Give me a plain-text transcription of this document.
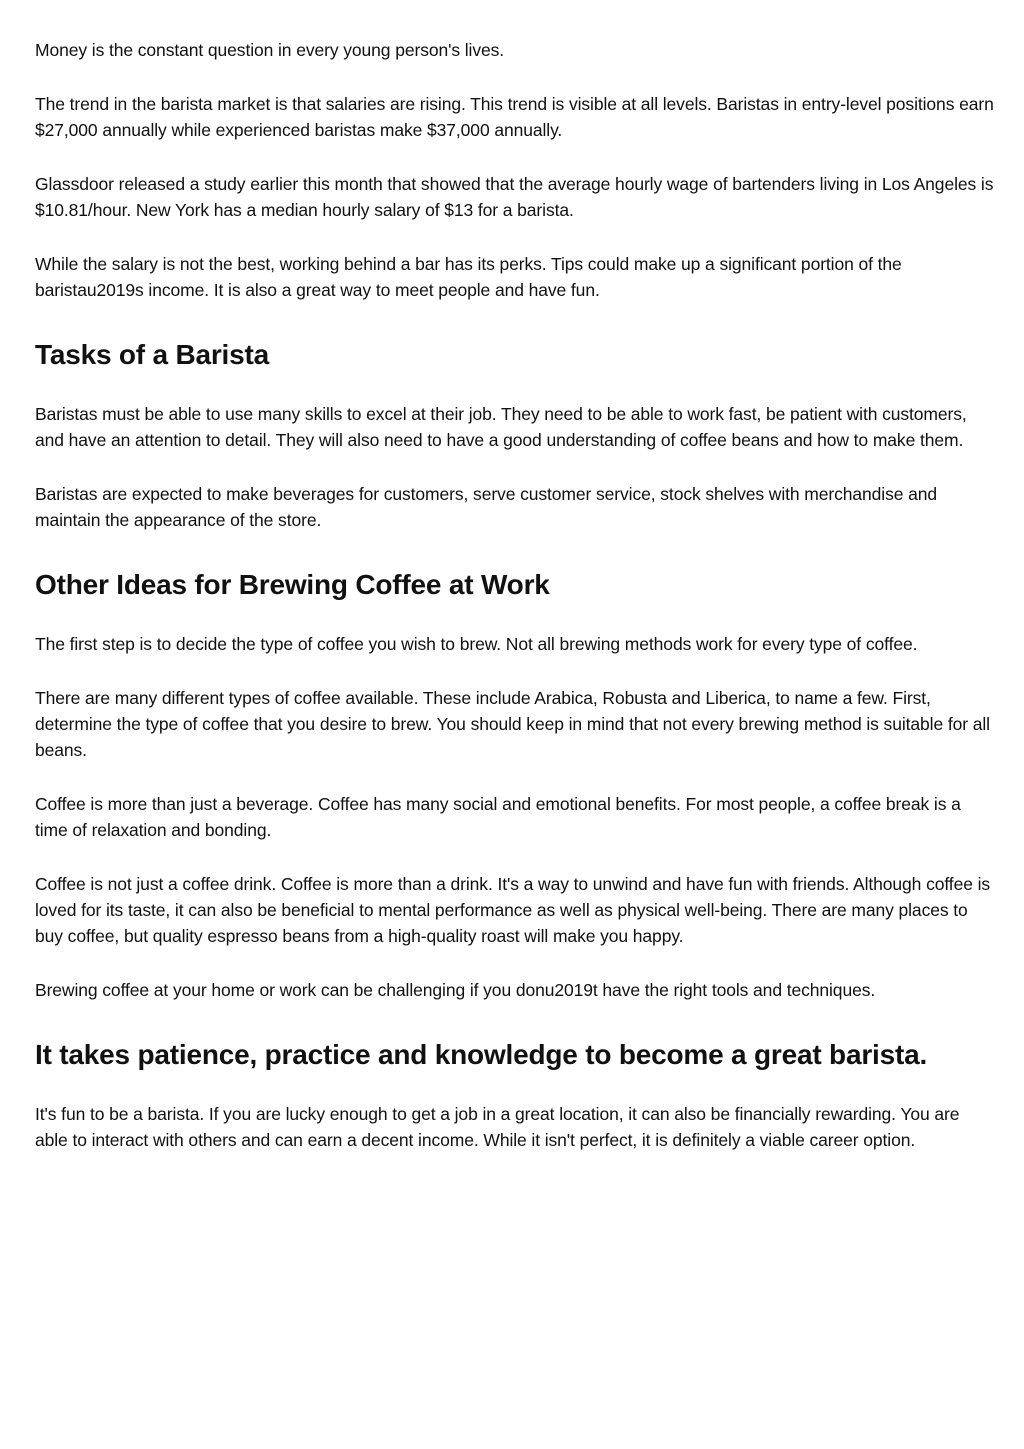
Money is the constant question in every young person's lives.

The trend in the barista market is that salaries are rising. This trend is visible at all levels. Baristas in entry-level positions earn $27,000 annually while experienced baristas make $37,000 annually.

Glassdoor released a study earlier this month that showed that the average hourly wage of bartenders living in Los Angeles is $10.81/hour. New York has a median hourly salary of $13 for a barista.

While the salary is not the best, working behind a bar has its perks. Tips could make up a significant portion of the baristau2019s income. It is also a great way to meet people and have fun.

Tasks of a Barista

Baristas must be able to use many skills to excel at their job. They need to be able to work fast, be patient with customers, and have an attention to detail. They will also need to have a good understanding of coffee beans and how to make them.

Baristas are expected to make beverages for customers, serve customer service, stock shelves with merchandise and maintain the appearance of the store.

Other Ideas for Brewing Coffee at Work

The first step is to decide the type of coffee you wish to brew. Not all brewing methods work for every type of coffee.

There are many different types of coffee available. These include Arabica, Robusta and Liberica, to name a few. First, determine the type of coffee that you desire to brew. You should keep in mind that not every brewing method is suitable for all beans.

Coffee is more than just a beverage. Coffee has many social and emotional benefits. For most people, a coffee break is a time of relaxation and bonding.

Coffee is not just a coffee drink. Coffee is more than a drink. It's a way to unwind and have fun with friends. Although coffee is loved for its taste, it can also be beneficial to mental performance as well as physical well-being. There are many places to buy coffee, but quality espresso beans from a high-quality roast will make you happy.

Brewing coffee at your home or work can be challenging if you donu2019t have the right tools and techniques.

It takes patience, practice and knowledge to become a great barista.

It's fun to be a barista. If you are lucky enough to get a job in a great location, it can also be financially rewarding. You are able to interact with others and can earn a decent income. While it isn't perfect, it is definitely a viable career option.
